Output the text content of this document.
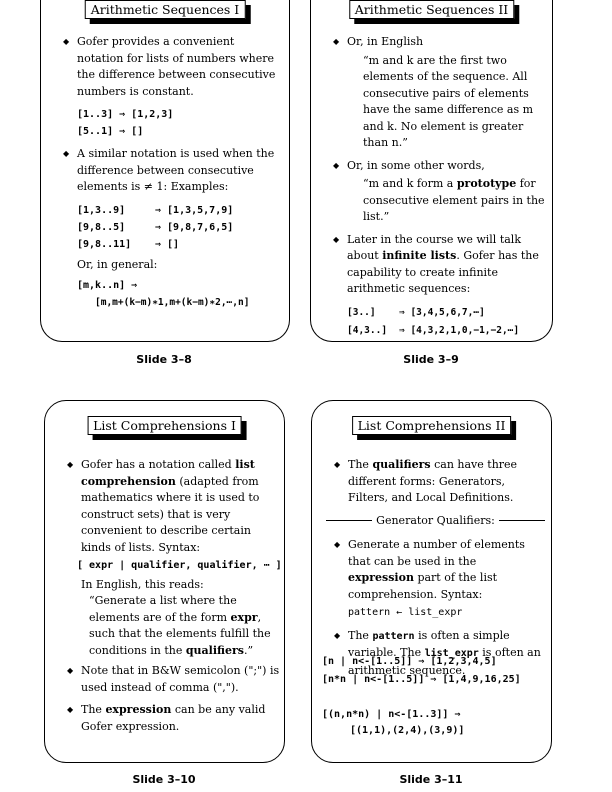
Arithmetic Sequences I
◆ Gofer provides a convenient notation for lists of numbers where the difference between consecutive numbers is constant.
[1..3] ⇒ [1,2,3]
[5..1] ⇒ []
◆ A similar notation is used when the difference between consecutive elements is ≠ 1: Examples:
[1,3..9]	⇒ [1,3,5,7,9]
[9,8..5]	⇒ [9,8,7,6,5]
[9,8..11]	⇒ []
Or, in general:
[m,k..n] ⇒
[m,m+(k−m)∗1,m+(k−m)∗2,⋯,n]
Slide 3–8
Arithmetic Sequences II
◆ Or, in English
“m and k are the first two elements of the sequence. All consecutive pairs of elements have the same difference as m and k. No element is greater than n.”
◆ Or, in some other words,
“m and k form a prototype for consecutive element pairs in the list.”
◆ Later in the course we will talk about infinite lists. Gofer has the capability to create infinite arithmetic sequences:
[3..]	⇒ [3,4,5,6,7,⋯]
[4,3..]	⇒ [4,3,2,1,0,−1,−2,⋯]
Slide 3–9
List Comprehensions I
◆ Gofer has a notation called list comprehension (adapted from mathematics where it is used to construct sets) that is very convenient to describe certain kinds of lists. Syntax:
[ expr | qualifier, qualifier, ⋯ ]
In English, this reads:
“Generate a list where the elements are of the form expr, such that the elements fulfill the conditions in the qualifiers.”
◆ Note that in B&W semicolon (";") is used instead of comma (",").
◆ The expression can be any valid Gofer expression.
Slide 3–10
List Comprehensions II
◆ The qualifiers can have three different forms: Generators, Filters, and Local Definitions.
Generator Qualifiers:
◆ Generate a number of elements that can be used in the expression part of the list comprehension. Syntax:
pattern ← list_expr
◆ The pattern is often a simple variable. The list_expr is often an arithmetic sequence.
[n | n<-[1..5]] ⇒ [1,2,3,4,5]
[n*n | n<-[1..5]] ⇒ [1,4,9,16,25]
[(n,n*n) | n<-[1..3]] ⇒
[(1,1),(2,4),(3,9)]
Slide 3–11
